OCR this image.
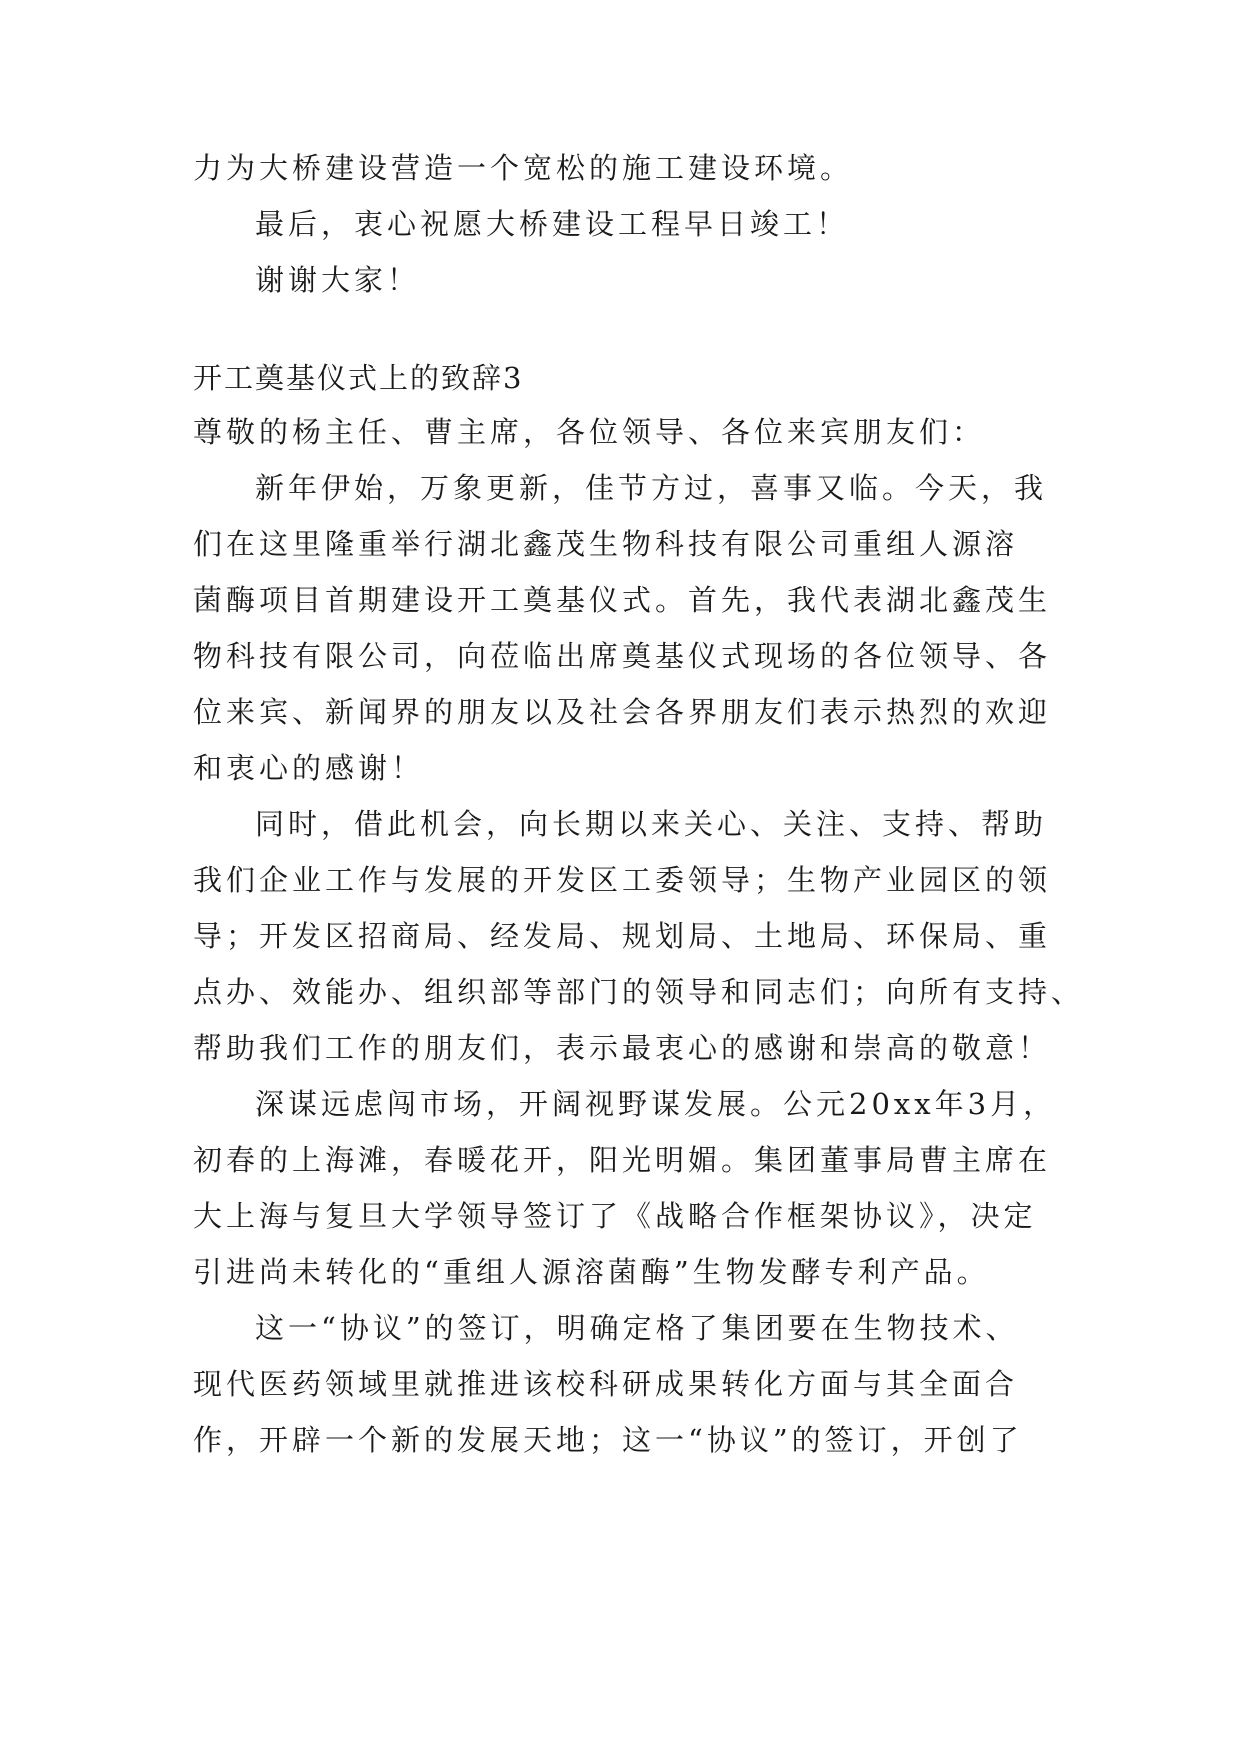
力为大桥建设营造一个宽松的施工建设环境。
最后，衷心祝愿大桥建设工程早日竣工！
谢谢大家！
开工奠基仪式上的致辞3
尊敬的杨主任、曹主席，各位领导、各位来宾朋友们：
新年伊始，万象更新，佳节方过，喜事又临。今天，我
们在这里隆重举行湖北鑫茂生物科技有限公司重组人源溶
菌酶项目首期建设开工奠基仪式。首先，我代表湖北鑫茂生
物科技有限公司，向莅临出席奠基仪式现场的各位领导、各
位来宾、新闻界的朋友以及社会各界朋友们表示热烈的欢迎
和衷心的感谢！
同时，借此机会，向长期以来关心、关注、支持、帮助
我们企业工作与发展的开发区工委领导；生物产业园区的领
导；开发区招商局、经发局、规划局、土地局、环保局、重
点办、效能办、组织部等部门的领导和同志们；向所有支持、
帮助我们工作的朋友们，表示最衷心的感谢和崇高的敬意！
深谋远虑闯市场，开阔视野谋发展。公元20xx年3月，
初春的上海滩，春暖花开，阳光明媚。集团董事局曹主席在
大上海与复旦大学领导签订了《战略合作框架协议》，决定
引进尚未转化的“重组人源溶菌酶”生物发酵专利产品。
这一“协议”的签订，明确定格了集团要在生物技术、
现代医药领域里就推进该校科研成果转化方面与其全面合
作，开辟一个新的发展天地；这一“协议”的签订，开创了
